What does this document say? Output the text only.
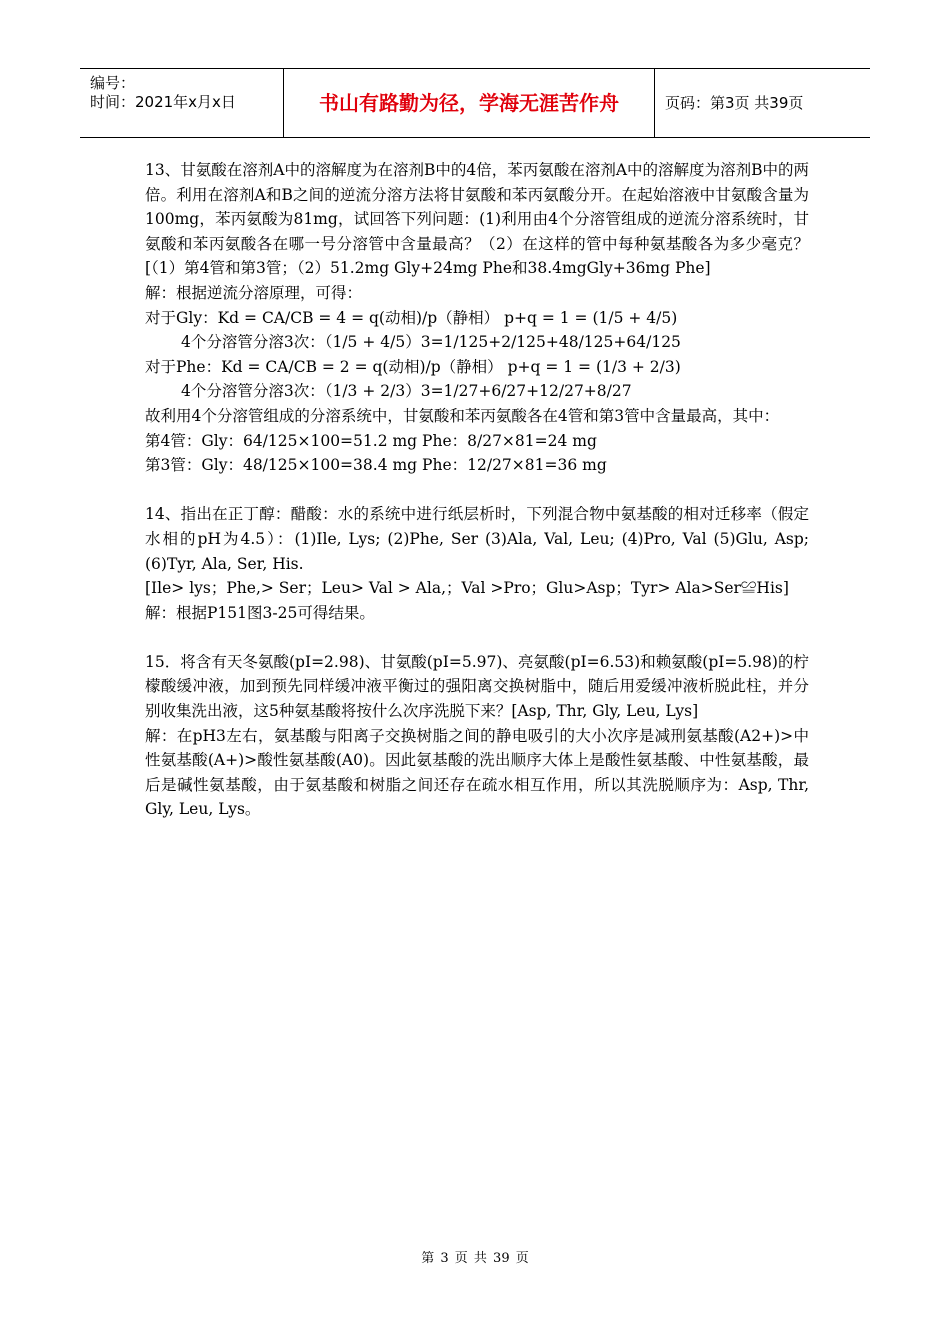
编号：
时间：2021年x月x日	书山有路勤为径，学海无涯苦作舟	页码：第3页 共39页

13、甘氨酸在溶剂A中的溶解度为在溶剂B中的4倍，苯丙氨酸在溶剂A中的溶解度为溶剂B中的两倍。利用在溶剂A和B之间的逆流分溶方法将甘氨酸和苯丙氨酸分开。在起始溶液中甘氨酸含量为100mg，苯丙氨酸为81mg，试回答下列问题：(1)利用由4个分溶管组成的逆流分溶系统时，甘氨酸和苯丙氨酸各在哪一号分溶管中含量最高？（2）在这样的管中每种氨基酸各为多少毫克？[（1）第4管和第3管；（2）51.2mg Gly+24mg Phe和38.4mgGly+36mg Phe]

解：根据逆流分溶原理，可得：

对于Gly：Kd = CA/CB = 4 = q(动相)/p（静相） p+q = 1 = (1/5 + 4/5)

4个分溶管分溶3次：（1/5 + 4/5）3=1/125+2/125+48/125+64/125

对于Phe：Kd = CA/CB = 2 = q(动相)/p（静相） p+q = 1 = (1/3 + 2/3)

4个分溶管分溶3次：（1/3 + 2/3）3=1/27+6/27+12/27+8/27

故利用4个分溶管组成的分溶系统中，甘氨酸和苯丙氨酸各在4管和第3管中含量最高，其中：

第4管：Gly：64/125×100=51.2 mg Phe：8/27×81=24 mg

第3管：Gly：48/125×100=38.4 mg Phe：12/27×81=36 mg

14、指出在正丁醇：醋酸：水的系统中进行纸层析时，下列混合物中氨基酸的相对迁移率（假定水相的pH为4.5）：(1)Ile, Lys; (2)Phe, Ser (3)Ala, Val, Leu; (4)Pro, Val (5)Glu, Asp; (6)Tyr, Ala, Ser, His.

[Ile> lys；Phe,> Ser；Leu> Val > Ala,；Val >Pro；Glu>Asp；Tyr> Ala>Ser≌His]

解：根据P151图3-25可得结果。

15．将含有天冬氨酸(pI=2.98)、甘氨酸(pI=5.97)、亮氨酸(pI=6.53)和赖氨酸(pI=5.98)的柠檬酸缓冲液，加到预先同样缓冲液平衡过的强阳离交换树脂中，随后用爱缓冲液析脱此柱，并分别收集洗出液，这5种氨基酸将按什么次序洗脱下来？[Asp, Thr, Gly, Leu, Lys]

解：在pH3左右，氨基酸与阳离子交换树脂之间的静电吸引的大小次序是减刑氨基酸(A2+)>中性氨基酸(A+)>酸性氨基酸(A0)。因此氨基酸的洗出顺序大体上是酸性氨基酸、中性氨基酸，最后是碱性氨基酸，由于氨基酸和树脂之间还存在疏水相互作用，所以其洗脱顺序为：Asp, Thr, Gly, Leu, Lys。

第 3 页 共 39 页
